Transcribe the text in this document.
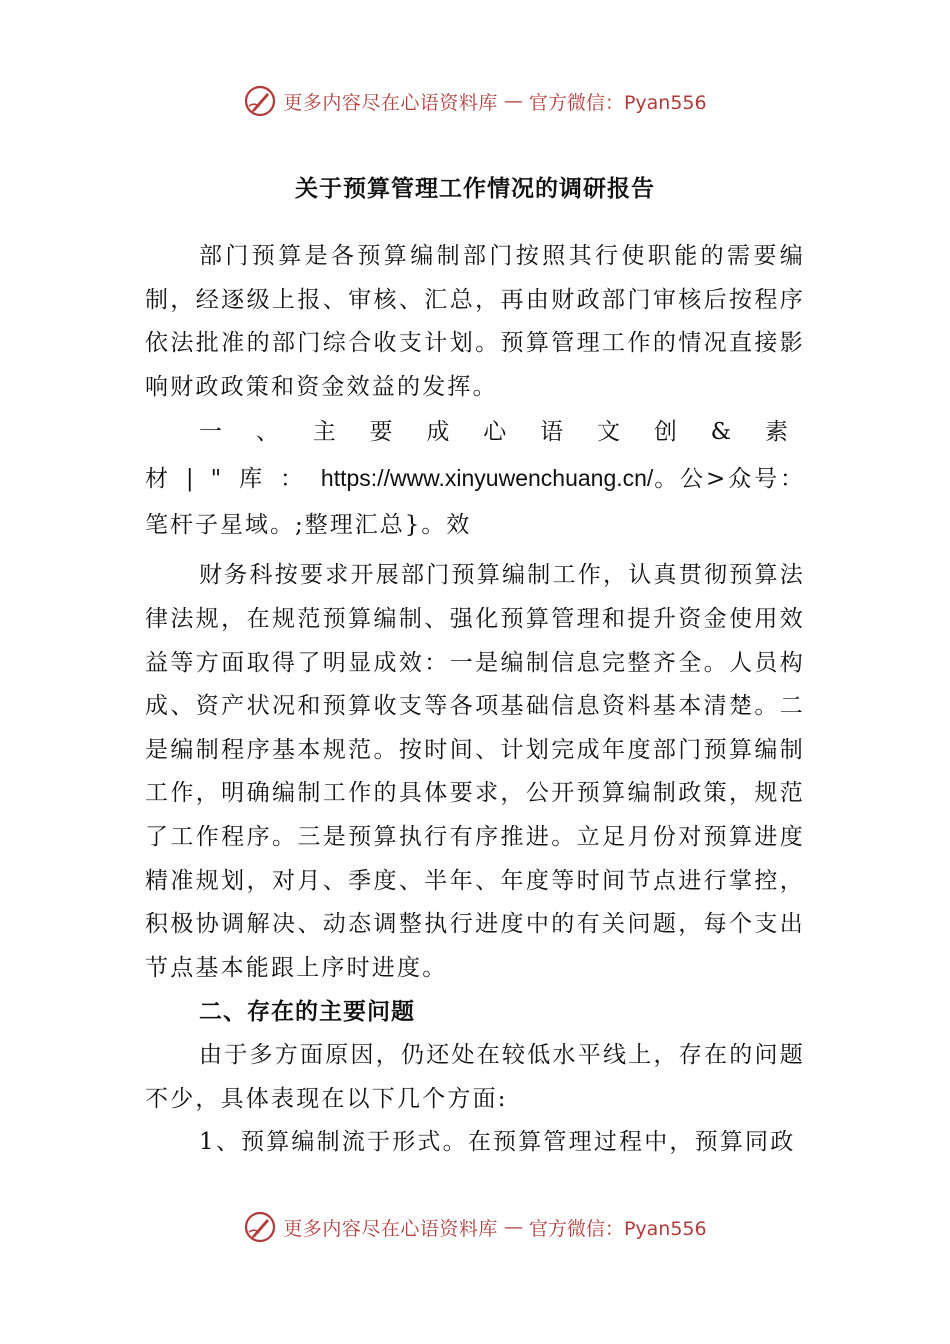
更多内容尽在心语资料库 — 官方微信：Pyan556
关于预算管理工作情况的调研报告

部门预算是各预算编制部门按照其行使职能的需要编制，经逐级上报、审核、汇总，再由财政部门审核后按程序依法批准的部门综合收支计划。预算管理工作的情况直接影响财政政策和资金效益的发挥。

一、主要成心语文创&素材|"库：https://www.xinyuwenchuang.cn/。公>众号：笔杆子星域。;整理汇总}。效

财务科按要求开展部门预算编制工作，认真贯彻预算法律法规，在规范预算编制、强化预算管理和提升资金使用效益等方面取得了明显成效：一是编制信息完整齐全。人员构成、资产状况和预算收支等各项基础信息资料基本清楚。二是编制程序基本规范。按时间、计划完成年度部门预算编制工作，明确编制工作的具体要求，公开预算编制政策，规范了工作程序。三是预算执行有序推进。立足月份对预算进度精准规划，对月、季度、半年、年度等时间节点进行掌控，积极协调解决、动态调整执行进度中的有关问题，每个支出节点基本能跟上序时进度。

二、存在的主要问题

由于多方面原因，仍还处在较低水平线上，存在的问题不少，具体表现在以下几个方面:

1、预算编制流于形式。在预算管理过程中，预算同政

更多内容尽在心语资料库 — 官方微信：Pyan556
